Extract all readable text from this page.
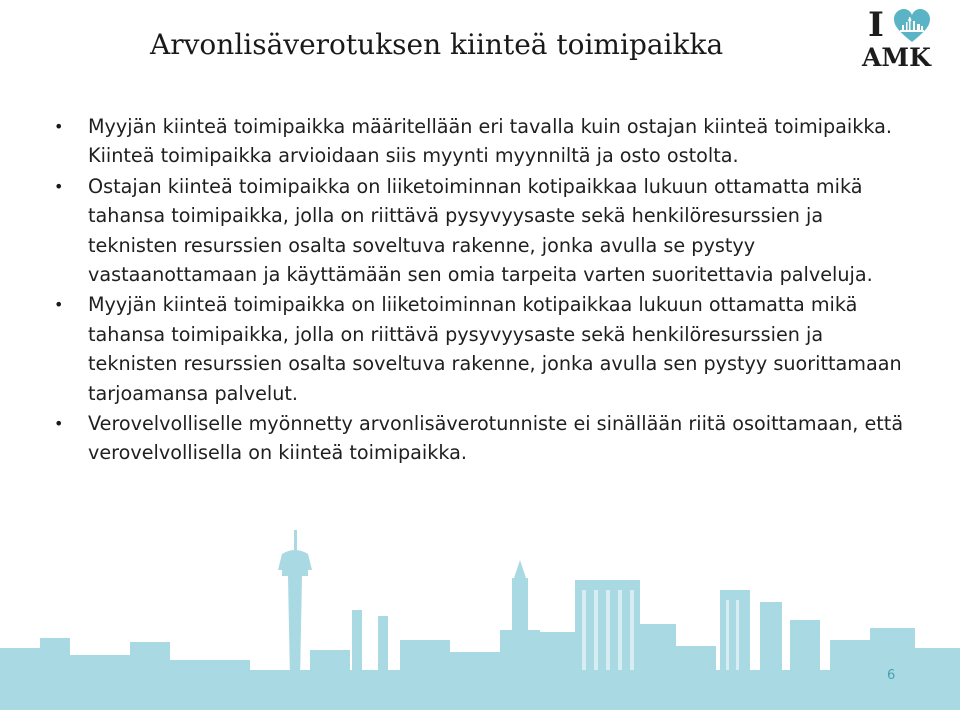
Arvonlisäverotuksen kiinteä toimipaikka	I
AMK
• Myyjän kiinteä toimipaikka määritellään eri tavalla kuin ostajan kiinteä toimipaikka. Kiinteä toimipaikka arvioidaan siis myynti myynniltä ja osto ostolta.
• Ostajan kiinteä toimipaikka on liiketoiminnan kotipaikkaa lukuun ottamatta mikä tahansa toimipaikka, jolla on riittävä pysyvyysaste sekä henkilöresurssien ja teknisten resurssien osalta soveltuva rakenne, jonka avulla se pystyy vastaanottamaan ja käyttämään sen omia tarpeita varten suoritettavia palveluja.
• Myyjän kiinteä toimipaikka on liiketoiminnan kotipaikkaa lukuun ottamatta mikä tahansa toimipaikka, jolla on riittävä pysyvyysaste sekä henkilöresurssien ja teknisten resurssien osalta soveltuva rakenne, jonka avulla sen pystyy suorittamaan tarjoamansa palvelut.
• Verovelvolliselle myönnetty arvonlisäverotunniste ei sinällään riitä osoittamaan, että verovelvollisella on kiinteä toimipaikka.
6
